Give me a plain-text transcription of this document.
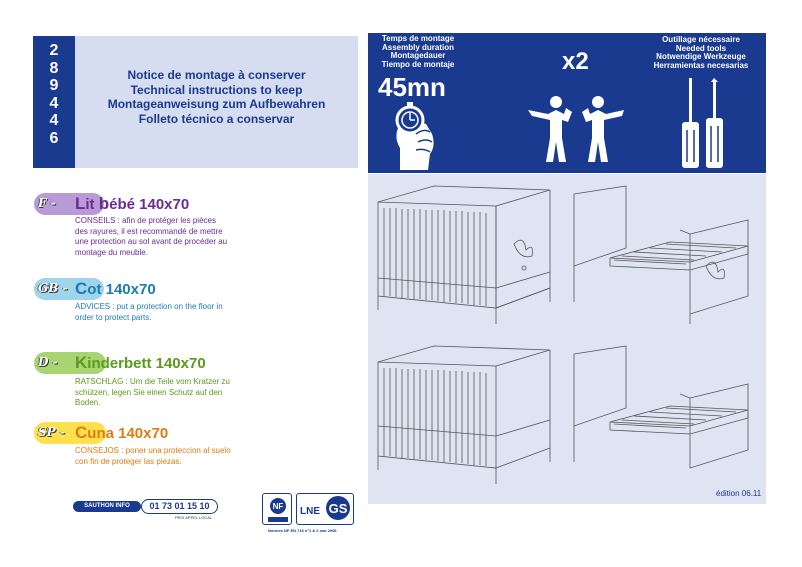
2
8
9
4
4
6
Notice de montage à conserver
Technical instructions to keep
Montageanweisung zum Aufbewahren
Folleto técnico a conservar
Temps de montage
Assembly duration
Montagedauer
Tiempo de montaje
45mn
x2
Outillage nécessaire
Needed tools
Notwendige Werkzeuge
Herramientas necesarias
édition 06.11
F - Lit bébé 140x70
CONSEILS : afin de protéger les pièces
des rayures, il est recommandé de mettre
une protection au sol avant de procéder au
montage du meuble.
GB - Cot 140x70
ADVICES : put a protection on the floor in
order to protect parts.
D - Kinderbett 140x70
RATSCHLAG : Um die Teile vom Kratzer zu
schützen, legen Sie einen Schutz auf den
Boden.
SP - Cuna 140x70
CONSEJOS : poner una proteccion al suelo
con fin de proteger las piezas.
SAUTHON INFO	01 73 01 15 10
PRIX APPEL LOCAL
NF LNE GS
Normes NF EN 716 n°1 & 2 mai 2008
